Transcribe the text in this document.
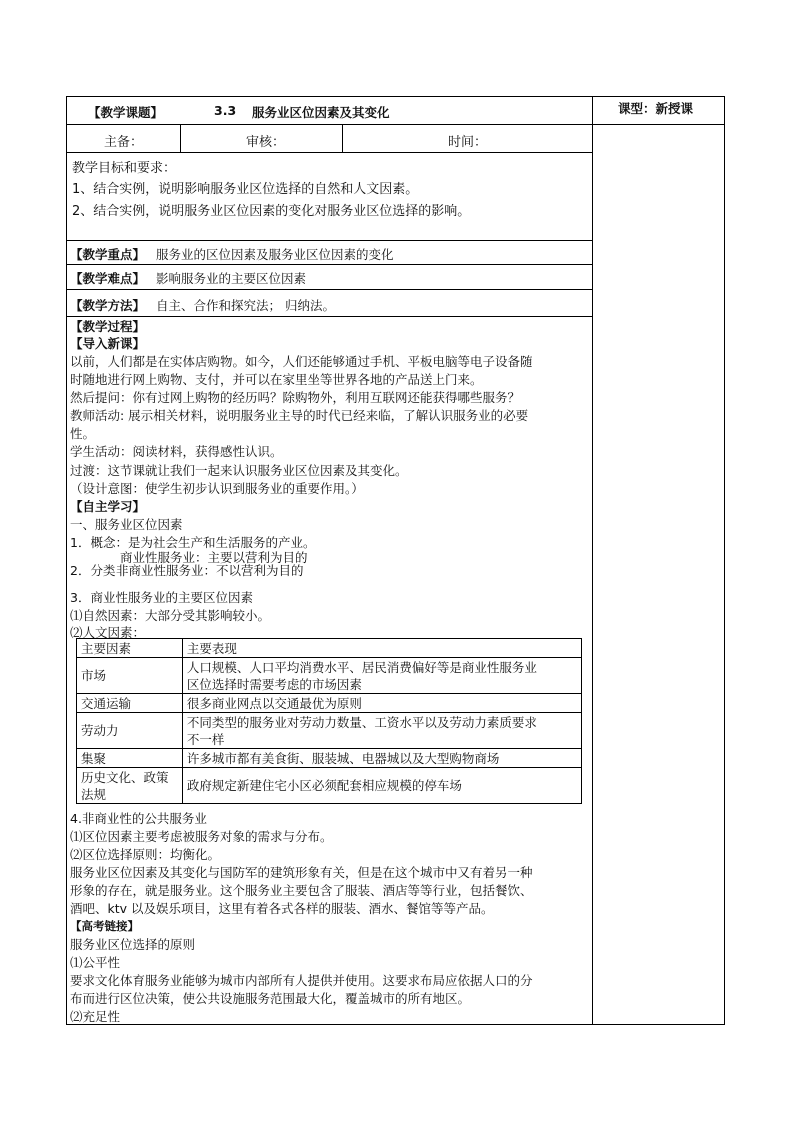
【教学课题】	3.3 服务业区位因素及其变化	课型：新授课
主备：	审核：	时间：
教学目标和要求：
1、结合实例，说明影响服务业区位选择的自然和人文因素。
2、结合实例，说明服务业区位因素的变化对服务业区位选择的影响。
【教学重点】 服务业的区位因素及服务业区位因素的变化
【教学难点】 影响服务业的主要区位因素
【教学方法】 自主、合作和探究法； 归纳法。
【教学过程】
【导入新课】
以前，人们都是在实体店购物。如今，人们还能够通过手机、平板电脑等电子设备随
时随地进行网上购物、支付，并可以在家里坐等世界各地的产品送上门来。
然后提问：你有过网上购物的经历吗？除购物外，利用互联网还能获得哪些服务？
教师活动: 展示相关材料，说明服务业主导的时代已经来临，了解认识服务业的必要
性。
学生活动：阅读材料，获得感性认识。
过渡：这节课就让我们一起来认识服务业区位因素及其变化。
（设计意图：使学生初步认识到服务业的重要作用。）
【自主学习】
一、服务业区位因素
1．概念：是为社会生产和生活服务的产业。
商业性服务业：主要以营利为目的
2．分类 非商业性服务业：不以营利为目的
3．商业性服务业的主要区位因素
⑴自然因素：大部分受其影响较小。
⑵人文因素：
主要因素	主要表现
市场	人口规模、人口平均消费水平、居民消费偏好等是商业性服务业
区位选择时需要考虑的市场因素

交通运输	很多商业网点以交通最优为原则
劳动力	不同类型的服务业对劳动力数量、工资水平以及劳动力素质要求
不一样

集聚	许多城市都有美食街、服装城、电器城以及大型购物商场

历史文化、政策
法规	政府规定新建住宅小区必须配套相应规模的停车场
4.非商业性的公共服务业
⑴区位因素主要考虑被服务对象的需求与分布。
⑵区位选择原则：均衡化。
服务业区位因素及其变化与国防军的建筑形象有关，但是在这个城市中又有着另一种
形象的存在，就是服务业。这个服务业主要包含了服装、酒店等等行业，包括餐饮、
酒吧、ktv 以及娱乐项目，这里有着各式各样的服装、酒水、餐馆等等产品。
【高考链接】
服务业区位选择的原则
⑴公平性
要求文化体育服务业能够为城市内部所有人提供并使用。这要求布局应依据人口的分
布而进行区位决策，使公共设施服务范围最大化，覆盖城市的所有地区。
⑵充足性
